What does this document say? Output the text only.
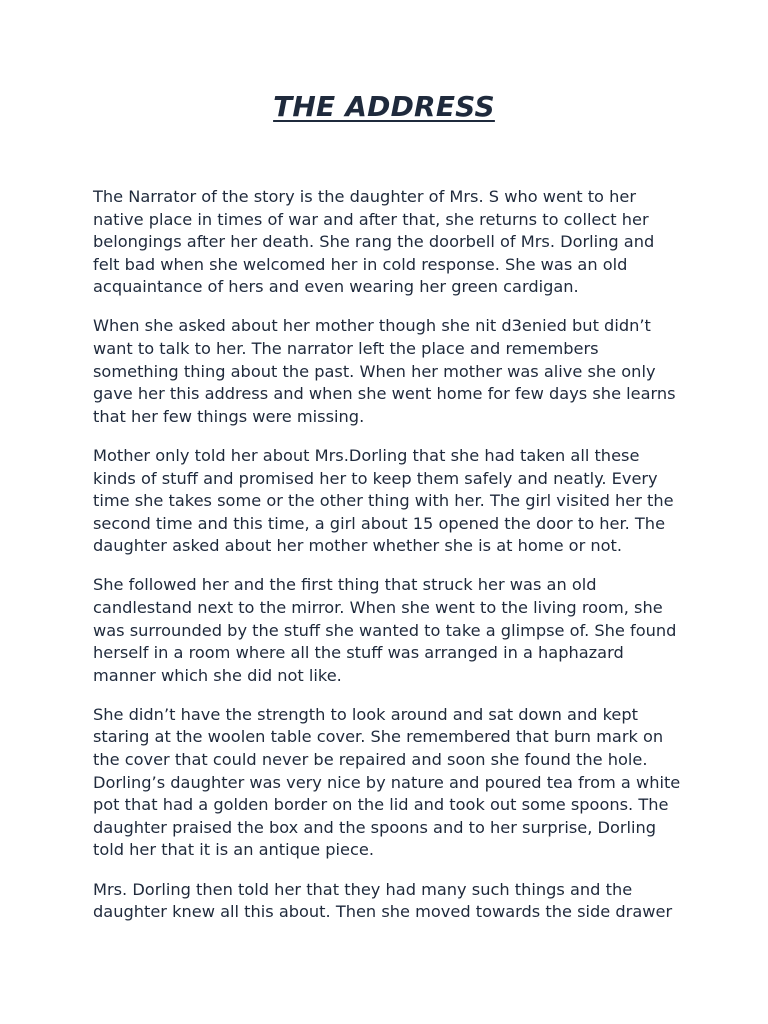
THE ADDRESS

The Narrator of the story is the daughter of Mrs. S who went to her native place in times of war and after that, she returns to collect her belongings after her death. She rang the doorbell of Mrs. Dorling and felt bad when she welcomed her in cold response. She was an old acquaintance of hers and even wearing her green cardigan.

When she asked about her mother though she nit d3enied but didn’t want to talk to her. The narrator left the place and remembers something thing about the past. When her mother was alive she only gave her this address and when she went home for few days she learns that her few things were missing.

Mother only told her about Mrs.Dorling that she had taken all these kinds of stuff and promised her to keep them safely and neatly. Every time she takes some or the other thing with her. The girl visited her the second time and this time, a girl about 15 opened the door to her. The daughter asked about her mother whether she is at home or not.

She followed her and the first thing that struck her was an old candlestand next to the mirror. When she went to the living room, she was surrounded by the stuff she wanted to take a glimpse of. She found herself in a room where all the stuff was arranged in a haphazard manner which she did not like.

She didn’t have the strength to look around and sat down and kept staring at the woolen table cover. She remembered that burn mark on the cover that could never be repaired and soon she found the hole. Dorling’s daughter was very nice by nature and poured tea from a white pot that had a golden border on the lid and took out some spoons. The daughter praised the box and the spoons and to her surprise, Dorling told her that it is an antique piece.

Mrs. Dorling then told her that they had many such things and the daughter knew all this about. Then she moved towards the side drawer
